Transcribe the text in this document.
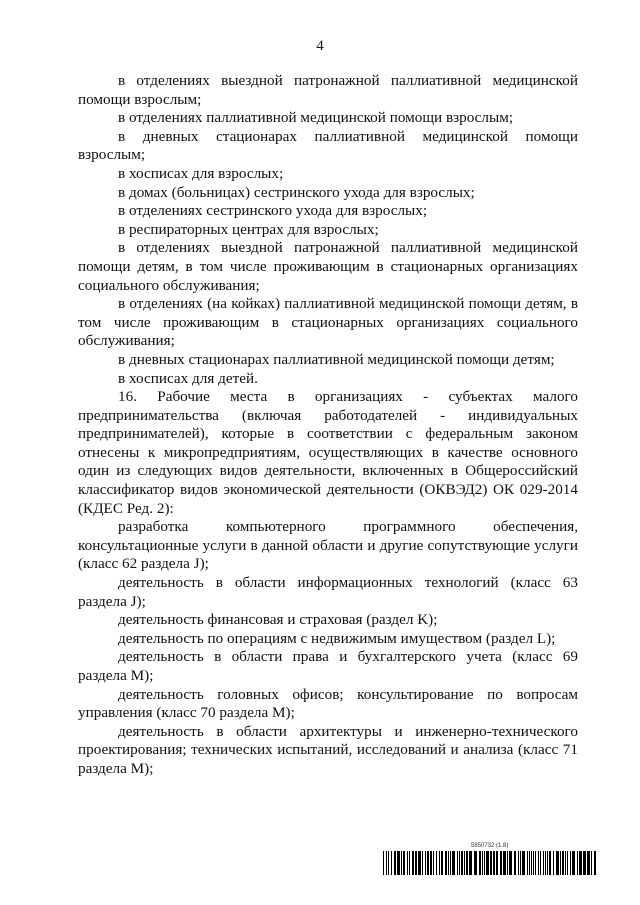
4

в отделениях выездной патронажной паллиативной медицинской помощи взрослым;

в отделениях паллиативной медицинской помощи взрослым;

в дневных стационарах паллиативной медицинской помощи взрослым;

в хосписах для взрослых;

в домах (больницах) сестринского ухода для взрослых;

в отделениях сестринского ухода для взрослых;

в респираторных центрах для взрослых;

в отделениях выездной патронажной паллиативной медицинской помощи детям, в том числе проживающим в стационарных организациях социального обслуживания;

в отделениях (на койках) паллиативной медицинской помощи детям, в том числе проживающим в стационарных организациях социального обслуживания;

в дневных стационарах паллиативной медицинской помощи детям;

в хосписах для детей.

16. Рабочие места в организациях - субъектах малого предпринимательства (включая работодателей - индивидуальных предпринимателей), которые в соответствии с федеральным законом отнесены к микропредприятиям, осуществляющих в качестве основного один из следующих видов деятельности, включенных в Общероссийский классификатор видов экономической деятельности (ОКВЭД2) ОК 029-2014 (КДЕС Ред. 2):

разработка компьютерного программного обеспечения, консультационные услуги в данной области и другие сопутствующие услуги (класс 62 раздела J);

деятельность в области информационных технологий (класс 63 раздела J);

деятельность финансовая и страховая (раздел K);

деятельность по операциям с недвижимым имуществом (раздел L);

деятельность в области права и бухгалтерского учета (класс 69 раздела M);

деятельность головных офисов; консультирование по вопросам управления (класс 70 раздела M);

деятельность в области архитектуры и инженерно-технического проектирования; технических испытаний, исследований и анализа (класс 71 раздела M);

5850732 (1.8)
